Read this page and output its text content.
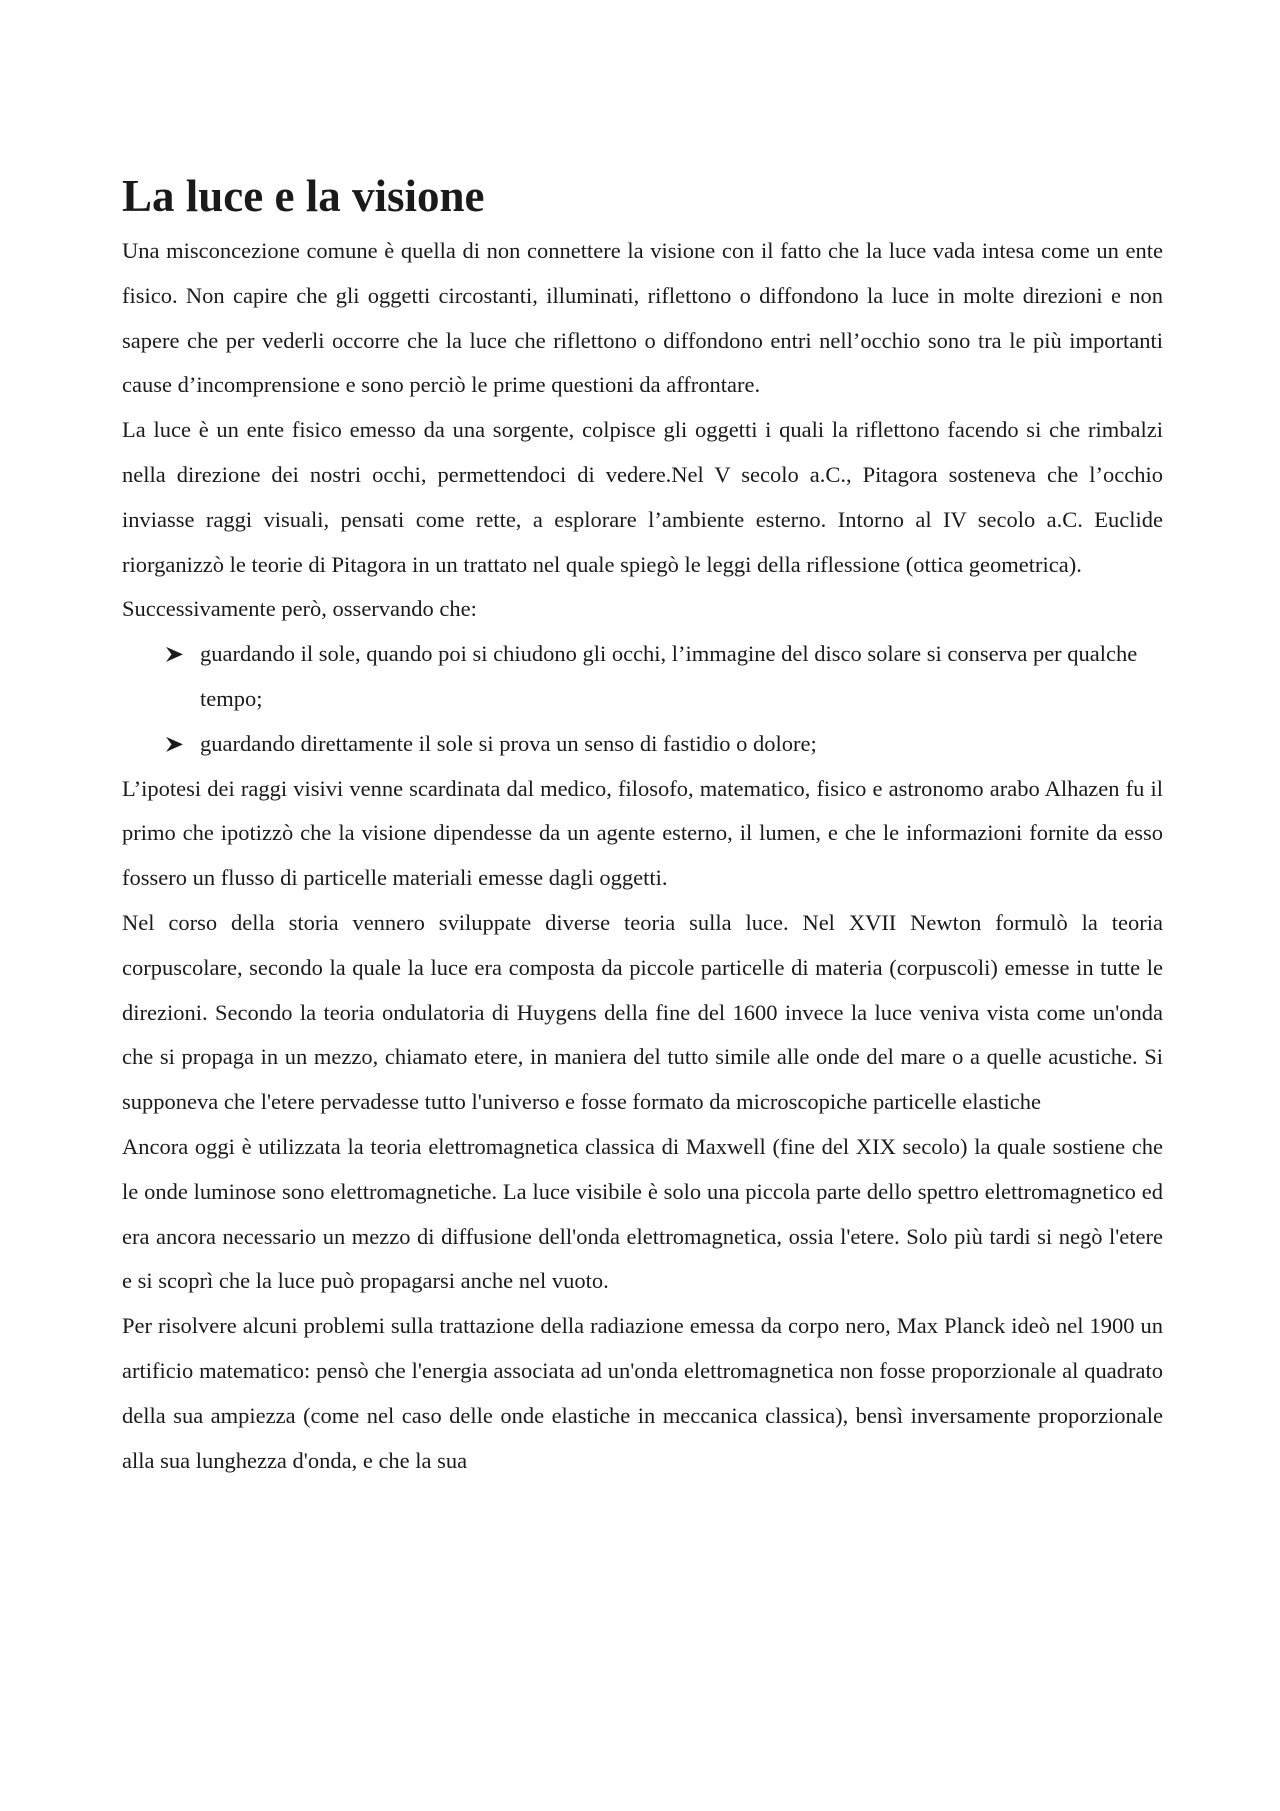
La luce e la visione

Una misconcezione comune è quella di non connettere la visione con il fatto che la luce vada intesa come un ente fisico. Non capire che gli oggetti circostanti, illuminati, riflettono o diffondono la luce in molte direzioni e non sapere che per vederli occorre che la luce che riflettono o diffondono entri nell’occhio sono tra le più importanti cause d’incomprensione e sono perciò le prime questioni da affrontare.

La luce è un ente fisico emesso da una sorgente, colpisce gli oggetti i quali la riflettono facendo si che rimbalzi nella direzione dei nostri occhi, permettendoci di vedere.Nel V secolo a.C., Pitagora sosteneva che l’occhio inviasse raggi visuali, pensati come rette, a esplorare l’ambiente esterno. Intorno al IV secolo a.C. Euclide riorganizzò le teorie di Pitagora in un trattato nel quale spiegò le leggi della riflessione (ottica geometrica).

Successivamente però, osservando che:

guardando il sole, quando poi si chiudono gli occhi, l’immagine del disco solare si conserva per qualche tempo;
guardando direttamente il sole si prova un senso di fastidio o dolore;

L’ipotesi dei raggi visivi venne scardinata dal medico, filosofo, matematico, fisico e astronomo arabo Alhazen fu il primo che ipotizzò che la visione dipendesse da un agente esterno, il lumen, e che le informazioni fornite da esso fossero un flusso di particelle materiali emesse dagli oggetti.

Nel corso della storia vennero sviluppate diverse teoria sulla luce. Nel XVII Newton formulò la teoria corpuscolare, secondo la quale la luce era composta da piccole particelle di materia (corpuscoli) emesse in tutte le direzioni. Secondo la teoria ondulatoria di Huygens della fine del 1600 invece la luce veniva vista come un'onda che si propaga in un mezzo, chiamato etere, in maniera del tutto simile alle onde del mare o a quelle acustiche. Si supponeva che l'etere pervadesse tutto l'universo e fosse formato da microscopiche particelle elastiche

Ancora oggi è utilizzata la teoria elettromagnetica classica di Maxwell (fine del XIX secolo) la quale sostiene che le onde luminose sono elettromagnetiche. La luce visibile è solo una piccola parte dello spettro elettromagnetico ed era ancora necessario un mezzo di diffusione dell'onda elettromagnetica, ossia l'etere. Solo più tardi si negò l'etere e si scoprì che la luce può propagarsi anche nel vuoto.

Per risolvere alcuni problemi sulla trattazione della radiazione emessa da corpo nero, Max Planck ideò nel 1900 un artificio matematico: pensò che l'energia associata ad un'onda elettromagnetica non fosse proporzionale al quadrato della sua ampiezza (come nel caso delle onde elastiche in meccanica classica), bensì inversamente proporzionale alla sua lunghezza d'onda, e che la sua
